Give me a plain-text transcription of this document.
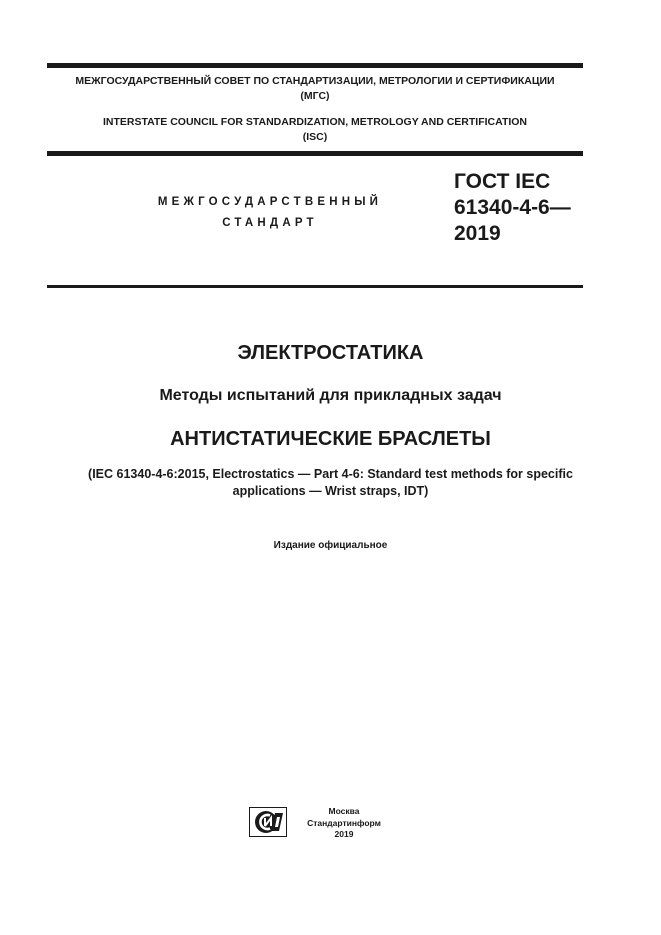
МЕЖГОСУДАРСТВЕННЫЙ СОВЕТ ПО СТАНДАРТИЗАЦИИ, МЕТРОЛОГИИ И СЕРТИФИКАЦИИ
(МГС)
INTERSTATE COUNCIL FOR STANDARDIZATION, METROLOGY AND CERTIFICATION
(ISC)
МЕЖГОСУДАРСТВЕННЫЙ
СТАНДАРТ
ГОСТ IEC
61340-4-6—
2019
ЭЛЕКТРОСТАТИКА
Методы испытаний для прикладных задач
АНТИСТАТИЧЕСКИЕ БРАСЛЕТЫ
(IEC 61340-4-6:2015, Electrostatics — Part 4-6: Standard test methods for specific
applications — Wrist straps, IDT)
Издание официальное
Москва
Стандартинформ
2019
